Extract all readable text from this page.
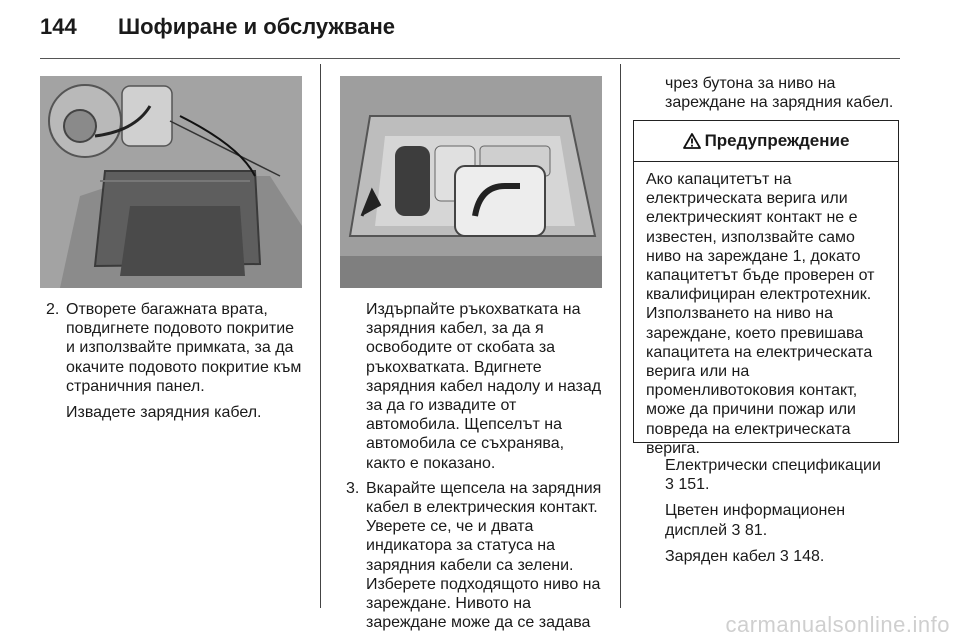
144 Шофиране и обслужване
2. Отворете багажната врата,
повдигнете подовото покритие
и използвайте примката, за да
окачите подовото покритие към
страничния панел.
Извадете зарядния кабел.
Издърпайте ръкохватката на
зарядния кабел, за да я
освободите от скобата за
ръкохватката. Вдигнете
зарядния кабел надолу и назад
за да го извадите от
автомобила. Щепселът на
автомобила се съхранява,
както е показано.
3. Вкарайте щепсела на зарядния
кабел в електрическия контакт.
Уверете се, че и двата
индикатора за статуса на
зарядния кабели са зелени.
Изберете подходящото ниво на
зареждане. Нивото на
зареждане може да се задава
чрез бутона за ниво на
зареждане на зарядния кабел.
Предупреждение
Ако капацитетът на
електрическата верига или
електрическият контакт не е
известен, използвайте само
ниво на зареждане 1, докато
капацитетът бъде проверен от
квалифициран електротехник.
Използването на ниво на
зареждане, което превишава
капацитета на електрическата
верига или на
променливотоковия контакт,
може да причини пожар или
повреда на електрическата
верига.
Електрически спецификации
3 151.
Цветен информационен
дисплей 3 81.
Заряден кабел 3 148.
carmanualsonline.info
